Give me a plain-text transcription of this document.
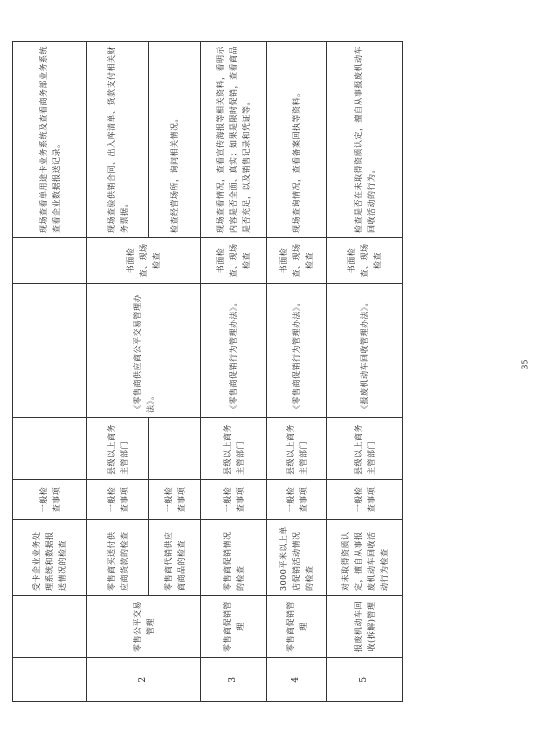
		受卡企业业务处理系统和数据报送情况的检查	一般检查事项				现场查看单用途卡业务系统及查看商务部业务系统查看企业数据报送记录。
2	零售公平交易管理	零售商买送付供应商货款的检查	一般检查事项	县级以上商务主管部门	《零售商供应商公平交易管理办法》。	书面检查、现场检查	现场查验供销合同、出入库清单、货款支付相关财务票据。
		零售商代销供应商商品的检查	一般检查事项				检查经营场所，询问相关情况。
3	零售商促销管理	零售商促销情况的检查	一般检查事项	县级以上商务主管部门	《零售商促销行为管理办法》。	书面检查、现场检查	现场查看情况，查看宣传海报等相关资料，看明示内容是否全面、真实；如果是限时促销，查看商品是否充足，以及销售记录和凭证等。
4	零售商促销管理	3000平米以上单店促销活动情况的检查	一般检查事项	县级以上商务主管部门	《零售商促销行为管理办法》。	书面检查、现场检查	现场查询情况，查看备案回执等资料。
5	报废机动车回收(拆解)管理	对未取得资质认定，擅自从事报废机动车回收活动行为检查	一般检查事项	县级以上商务主管部门	《报废机动车回收管理办法》。	书面检查、现场检查	检查是否在未取得资质认定，擅自从事报废机动车回收活动的行为。
35
